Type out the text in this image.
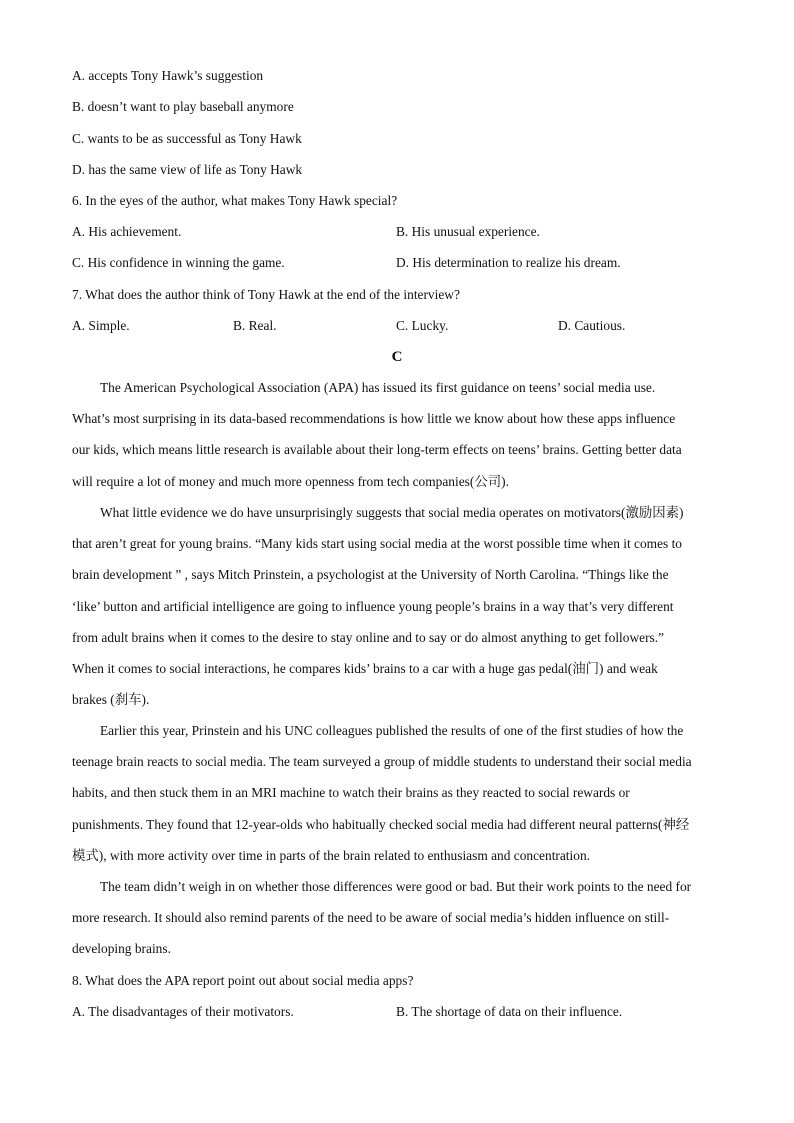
A. accepts Tony Hawk’s suggestion
B. doesn’t want to play baseball anymore
C. wants to be as successful as Tony Hawk
D. has the same view of life as Tony Hawk
6. In the eyes of the author, what makes Tony Hawk special?
A. His achievement.	B. His unusual experience.
C. His confidence in winning the game.	D. His determination to realize his dream.
7. What does the author think of Tony Hawk at the end of the interview?
A. Simple.	B. Real.	C. Lucky.	D. Cautious.
C
The American Psychological Association (APA) has issued its first guidance on teens’ social media use.
What’s most surprising in its data-based recommendations is how little we know about how these apps influence
our kids, which means little research is available about their long-term effects on teens’ brains. Getting better data
will require a lot of money and much more openness from tech companies(公司).
What little evidence we do have unsurprisingly suggests that social media operates on motivators(激励因素)
that aren’t great for young brains. “Many kids start using social media at the worst possible time when it comes to
brain development ” , says Mitch Prinstein, a psychologist at the University of North Carolina. “Things like the
‘like’ button and artificial intelligence are going to influence young people’s brains in a way that’s very different
from adult brains when it comes to the desire to stay online and to say or do almost anything to get followers.”
When it comes to social interactions, he compares kids’ brains to a car with a huge gas pedal(油门) and weak
brakes (刹车).
Earlier this year, Prinstein and his UNC colleagues published the results of one of the first studies of how the
teenage brain reacts to social media. The team surveyed a group of middle students to understand their social media
habits, and then stuck them in an MRI machine to watch their brains as they reacted to social rewards or
punishments. They found that 12-year-olds who habitually checked social media had different neural patterns(神经
模式), with more activity over time in parts of the brain related to enthusiasm and concentration.
The team didn’t weigh in on whether those differences were good or bad. But their work points to the need for
more research. It should also remind parents of the need to be aware of social media’s hidden influence on still-
developing brains.
8. What does the APA report point out about social media apps?
A. The disadvantages of their motivators.	B. The shortage of data on their influence.
